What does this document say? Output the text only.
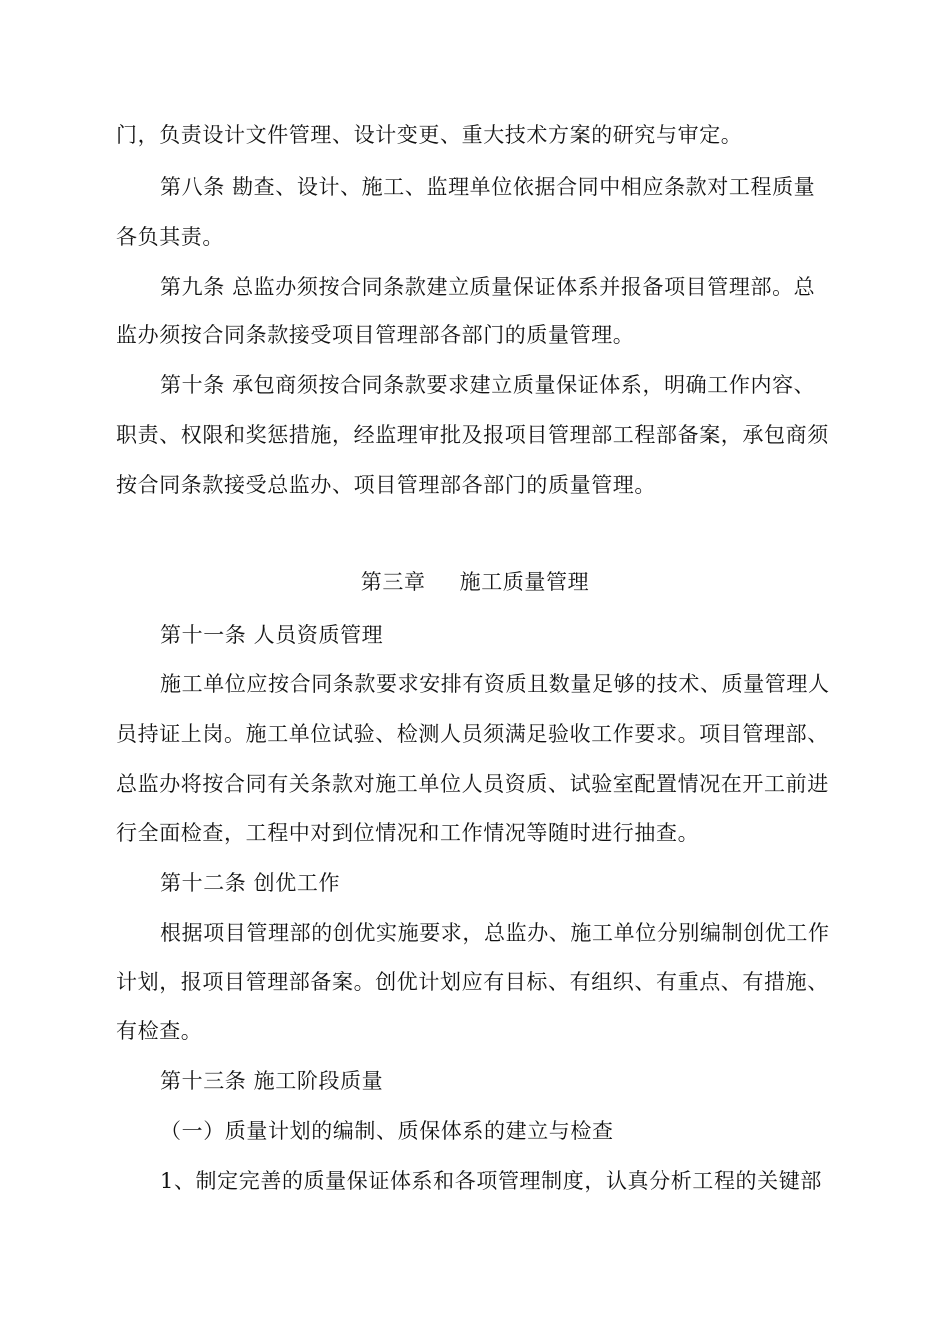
门，负责设计文件管理、设计变更、重大技术方案的研究与审定。
第八条 勘查、设计、施工、监理单位依据合同中相应条款对工程质量
各负其责。
第九条 总监办须按合同条款建立质量保证体系并报备项目管理部。总
监办须按合同条款接受项目管理部各部门的质量管理。
第十条 承包商须按合同条款要求建立质量保证体系，明确工作内容、
职责、权限和奖惩措施，经监理审批及报项目管理部工程部备案，承包商须
按合同条款接受总监办、项目管理部各部门的质量管理。
第三章 施工质量管理
第十一条 人员资质管理
施工单位应按合同条款要求安排有资质且数量足够的技术、质量管理人
员持证上岗。施工单位试验、检测人员须满足验收工作要求。项目管理部、
总监办将按合同有关条款对施工单位人员资质、试验室配置情况在开工前进
行全面检查，工程中对到位情况和工作情况等随时进行抽查。
第十二条 创优工作
根据项目管理部的创优实施要求，总监办、施工单位分别编制创优工作
计划，报项目管理部备案。创优计划应有目标、有组织、有重点、有措施、
有检查。
第十三条 施工阶段质量
（一）质量计划的编制、质保体系的建立与检查
1、制定完善的质量保证体系和各项管理制度，认真分析工程的关键部
